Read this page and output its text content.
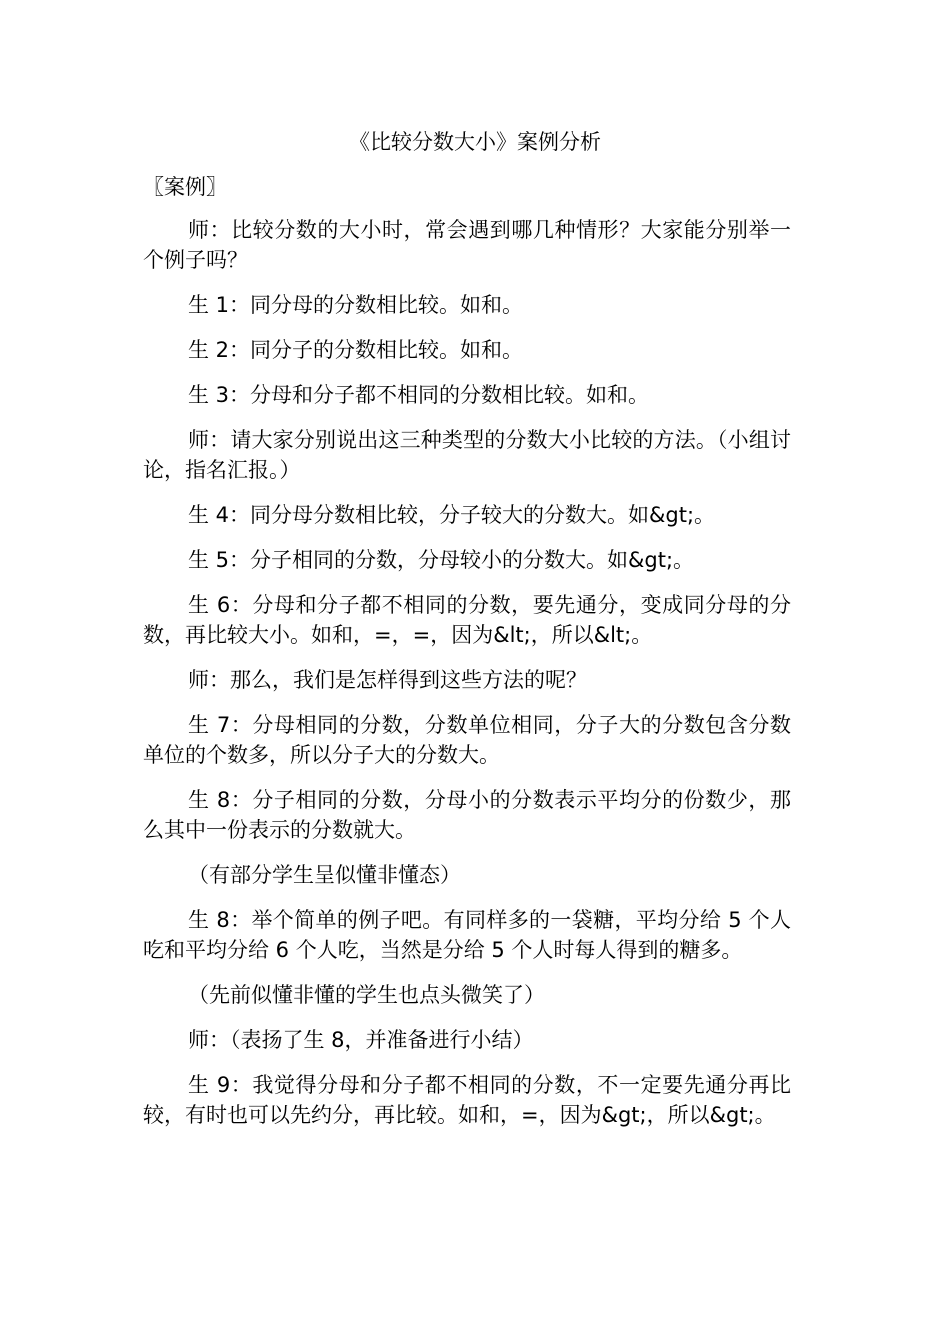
《比较分数大小》案例分析
〖案例〗

师：比较分数的大小时，常会遇到哪几种情形？大家能分别举一个例子吗？

生 1：同分母的分数相比较。如和。

生 2：同分子的分数相比较。如和。

生 3：分母和分子都不相同的分数相比较。如和。

师：请大家分别说出这三种类型的分数大小比较的方法。（小组讨论，指名汇报。）

生 4：同分母分数相比较，分子较大的分数大。如&gt;。

生 5：分子相同的分数，分母较小的分数大。如&gt;。

生 6：分母和分子都不相同的分数，要先通分，变成同分母的分数，再比较大小。如和，=，=，因为&lt;，所以&lt;。

师：那么，我们是怎样得到这些方法的呢？

生 7：分母相同的分数，分数单位相同，分子大的分数包含分数单位的个数多，所以分子大的分数大。

生 8：分子相同的分数，分母小的分数表示平均分的份数少，那么其中一份表示的分数就大。

（有部分学生呈似懂非懂态）

生 8：举个简单的例子吧。有同样多的一袋糖，平均分给 5 个人吃和平均分给 6 个人吃，当然是分给 5 个人时每人得到的糖多。

（先前似懂非懂的学生也点头微笑了）

师：（表扬了生 8，并准备进行小结）

生 9：我觉得分母和分子都不相同的分数，不一定要先通分再比较，有时也可以先约分，再比较。如和，=，因为&gt;，所以&gt;。
